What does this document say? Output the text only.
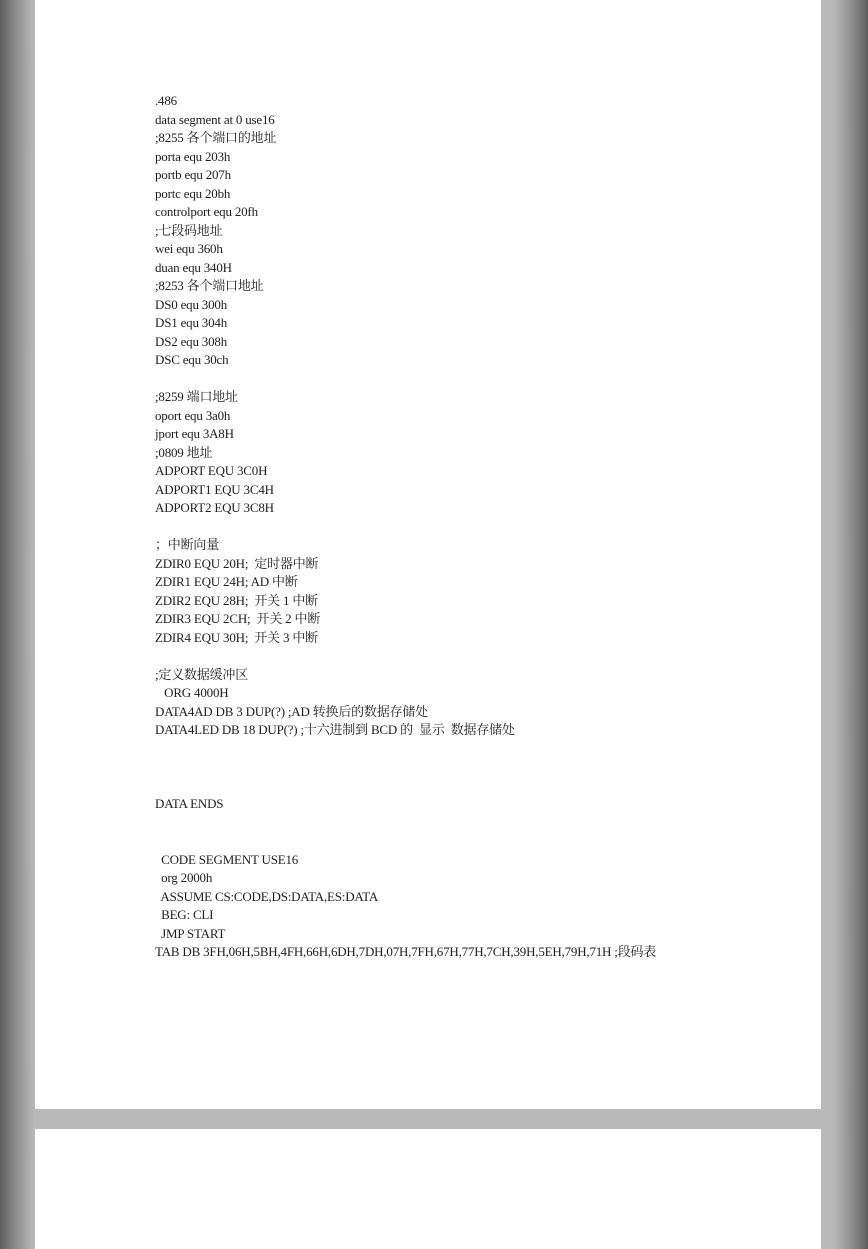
.486
data segment at 0 use16
;8255 各个端口的地址
porta equ 203h
portb equ 207h
portc equ 20bh
controlport equ 20fh
;七段码地址
wei equ 360h
duan equ 340H
;8253 各个端口地址
DS0 equ 300h
DS1 equ 304h
DS2 equ 308h
DSC equ 30ch
;8259 端口地址
oport equ 3a0h
jport equ 3A8H
;0809 地址
ADPORT EQU 3C0H
ADPORT1 EQU 3C4H
ADPORT2 EQU 3C8H
；中断向量
ZDIR0 EQU 20H;  定时器中断
ZDIR1 EQU 24H; AD 中断
ZDIR2 EQU 28H;  开关 1 中断
ZDIR3 EQU 2CH;  开关 2 中断
ZDIR4 EQU 30H;  开关 3 中断
;定义数据缓冲区
ORG 4000H
DATA4AD DB 3 DUP(?) ;AD 转换后的数据存储处
DATA4LED DB 18 DUP(?) ;十六进制到 BCD 的  显示  数据存储处
DATA ENDS
CODE SEGMENT USE16
org 2000h
ASSUME CS:CODE,DS:DATA,ES:DATA
BEG: CLI
JMP START
TAB DB 3FH,06H,5BH,4FH,66H,6DH,7DH,07H,7FH,67H,77H,7CH,39H,5EH,79H,71H ;段码表
